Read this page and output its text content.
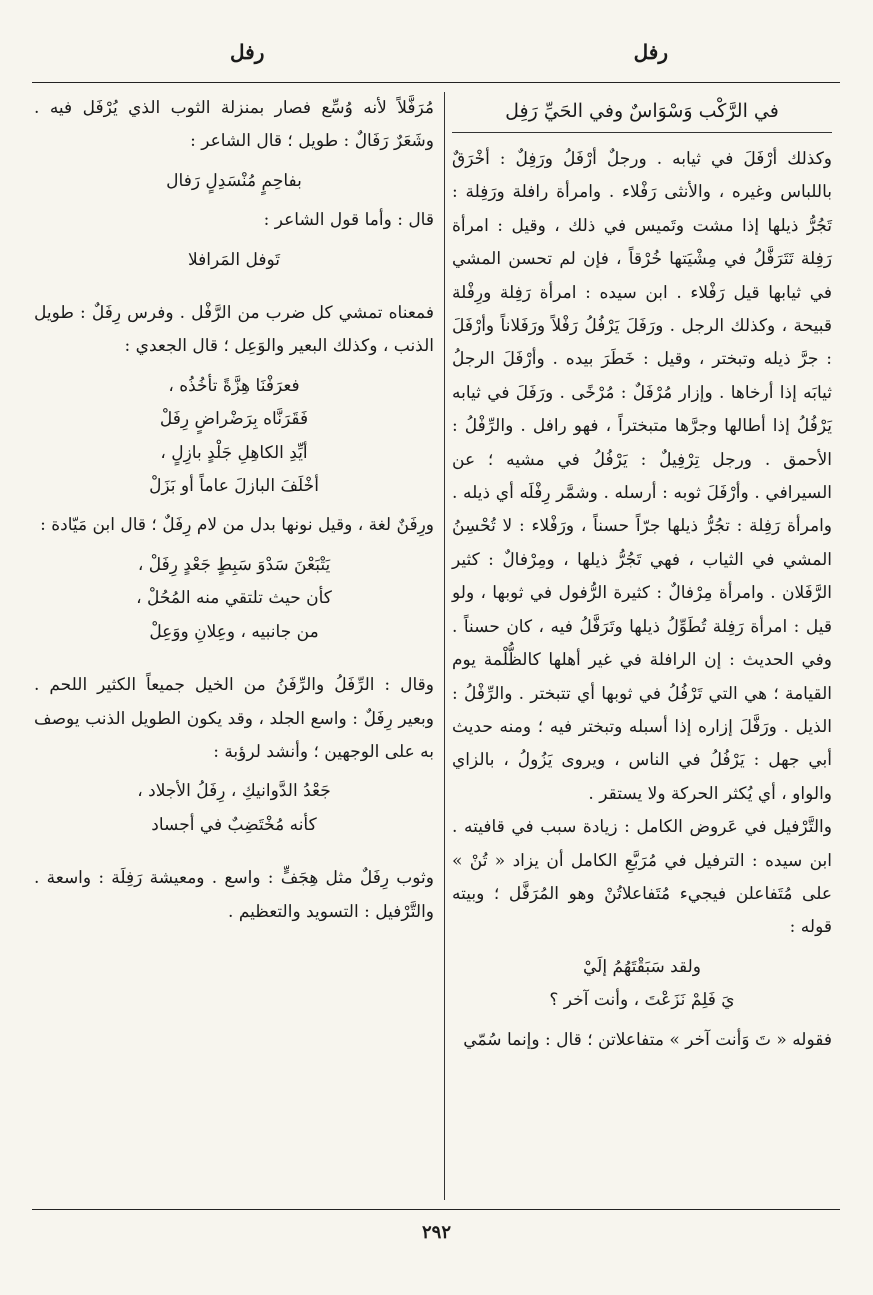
رفل
رفل

في الرَّكْب وَسْوَاسٌ وفي الحَيِّ رَفِل

وكذلك أرْفَلَ في ثيابه . ورجلٌ أرْفَلُ ورَفِلٌ : أخْرَقٌ باللباس وغيره ، والأنثى رَفْلاء . وامرأة رافلة ورَفِلة : تَجُرُّ ذيلها إذا مشت وتَميس في ذلك ، وقيل : امرأة رَفِلة تَتَرَفَّلُ في مِشْيَتها خُرْقاً ، فإن لم تحسن المشي في ثيابها قيل رَفْلاء . ابن سيده : امرأة رَفِلة ورِفْلة قبيحة ، وكذلك الرجل . ورَفَلَ يَرْفُلُ رَفْلاً ورَفَلاناً وأرْفَلَ : جرَّ ذيله وتبختر ، وقيل : خَطَرَ بيده . وأرْفَلَ الرجلُ ثيابَه إذا أرخاها . وإزار مُرْفَلٌ : مُرْخًى . ورَفَلَ في ثيابه يَرْفُلُ إذا أطالها وجرَّها متبختراً ، فهو رافل . والرِّفْلُ : الأحمق . ورجل تِرْفِيلٌ : يَرْفُلُ في مشيه ؛ عن السيرافي . وأرْفَلَ ثوبه : أرسله . وشمَّر رِفْلَه أي ذيله . وامرأة رَفِلة : تجُرُّ ذيلها جرّاً حسناً ، ورَفْلاء : لا تُحْسِنُ المشي في الثياب ، فهي تَجُرُّ ذيلها ، ومِرْفالٌ : كثير الرَّفَلان . وامرأة مِرْفالٌ : كثيرة الرُّفول في ثوبها ، ولو قيل : امرأة رَفِلة تُطَوِّلُ ذيلها وتَرَفَّلُ فيه ، كان حسناً . وفي الحديث : إن الرافلة في غير أهلها كالظُّلْمة يوم القيامة ؛ هي التي تَرْفُلُ في ثوبها أي تتبختر . والرِّفْلُ : الذيل . ورَفَّلَ إزاره إذا أسبله وتبختر فيه ؛ ومنه حديث أبي جهل : يَرْفُلُ في الناس ، ويروى يَزُولُ ، بالزاي والواو ، أي يُكثر الحركة ولا يستقر .

والتَّرْفيل في عَروض الكامل : زيادة سبب في قافيته . ابن سيده : الترفيل في مُرَبَّعِ الكامل أن يزاد « تُنْ » على مُتَفاعلن فيجيء مُتَفاعلاتُنْ وهو المُرَفَّل ؛ وبيته قوله :

ولقد سَبَقْتَهُمُ إلَيْ
يَ فَلِمْ نَزَعْتَ ، وأنت آخر ؟

فقوله « تَ وَأنت آخر » متفاعلاتن ؛ قال : وإنما سُمّي

مُرَفَّلاً لأنه وُسِّع فصار بمنزلة الثوب الذي يُرْفَل فيه . وشَعَرٌ رَفَالٌ : طويل ؛ قال الشاعر :

بفاحِمٍ مُنْسَدِلٍ رَفال

قال : وأما قول الشاعر :

تَوفل المَرافلا

فمعناه تمشي كل ضرب من الرَّفْل . وفرس رِفَلٌ : طويل الذنب ، وكذلك البعير والوَعِل ؛ قال الجعدي :

فعرَفْنَا هِزَّةً تأخُذُه ،
فَقَرَنَّاه بِرَضْراضٍ رِفَلْ
أيِّدِ الكاهِلِ جَلْدٍ بازِلٍ ،
أخْلَفَ البازلَ عاماً أو بَزَلْ

ورِفَنٌ لغة ، وقيل نونها بدل من لام رِفَلٌ ؛ قال ابن مَيّادة :

يَتْبَعْنَ سَدْوَ سَبِطٍ جَعْدٍ رِفَلْ ،
كأن حيث تلتقي منه المُحُلْ ،
من جانبيه ، وعِلانِ ووَعِلْ

وقال : الرِّفَلُ والرِّفَنُ من الخيل جميعاً الكثير اللحم . وبعير رِفَلٌ : واسع الجلد ، وقد يكون الطويل الذنب يوصف به على الوجهين ؛ وأنشد لرؤبة :

جَعْدُ الدَّوانيكِ ، رِفَلُ الأجلاد ،
كأنه مُخْتَضِبٌ في أجساد

وثوب رِفَلٌ مثل هِجَفٍّ : واسع . ومعيشة رَفِلَة : واسعة . والتَّرْفيل : التسويد والتعظيم .

٢٩٢
